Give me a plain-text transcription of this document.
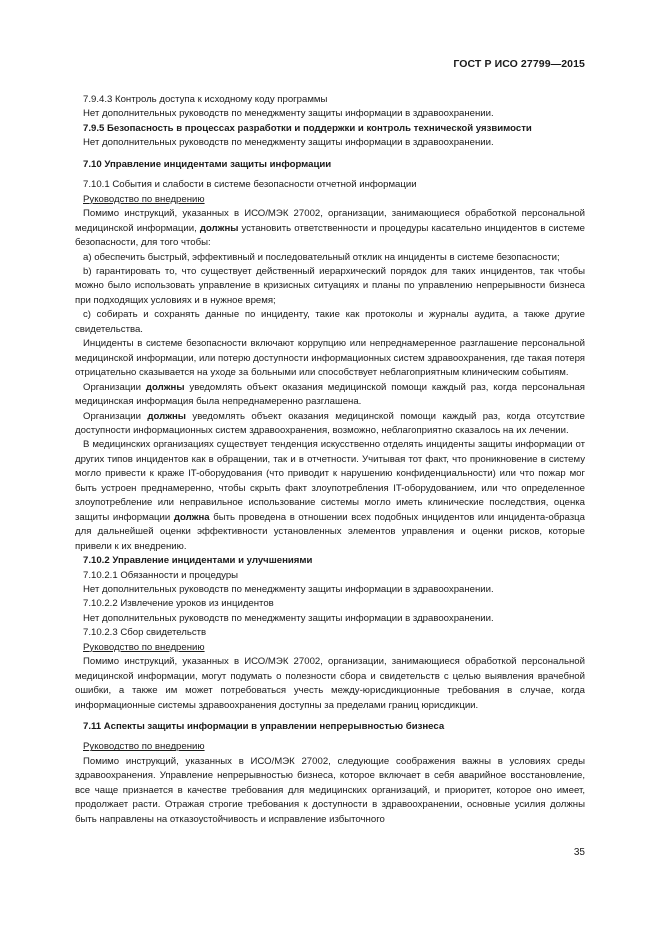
ГОСТ Р ИСО 27799—2015

7.9.4.3 Контроль доступа к исходному коду программы

Нет дополнительных руководств по менеджменту защиты информации в здравоохранении.

7.9.5 Безопасность в процессах разработки и поддержки и контроль технической уязвимости

Нет дополнительных руководств по менеджменту защиты информации в здравоохранении.

7.10 Управление инцидентами защиты информации

7.10.1 События и слабости в системе безопасности отчетной информации

Руководство по внедрению

Помимо инструкций, указанных в ИСО/МЭК 27002, организации, занимающиеся обработкой персональной медицинской информации, должны установить ответственности и процедуры касательно инцидентов в системе безопасности, для того чтобы:

a) обеспечить быстрый, эффективный и последовательный отклик на инциденты в системе безопасности;

b) гарантировать то, что существует действенный иерархический порядок для таких инцидентов, так чтобы можно было использовать управление в кризисных ситуациях и планы по управлению непрерывности бизнеса при подходящих условиях и в нужное время;

c) собирать и сохранять данные по инциденту, такие как протоколы и журналы аудита, а также другие свидетельства.

Инциденты в системе безопасности включают коррупцию или непреднамеренное разглашение персональной медицинской информации, или потерю доступности информационных систем здравоохранения, где такая потеря отрицательно сказывается на уходе за больными или способствует неблагоприятным клиническим событиям.

Организации должны уведомлять объект оказания медицинской помощи каждый раз, когда персональная медицинская информация была непреднамеренно разглашена.

Организации должны уведомлять объект оказания медицинской помощи каждый раз, когда отсутствие доступности информационных систем здравоохранения, возможно, неблагоприятно сказалось на их лечении.

В медицинских организациях существует тенденция искусственно отделять инциденты защиты информации от других типов инцидентов как в обращении, так и в отчетности. Учитывая тот факт, что проникновение в систему могло привести к краже IT-оборудования (что приводит к нарушению конфиденциальности) или что пожар мог быть устроен преднамеренно, чтобы скрыть факт злоупотребления IT-оборудованием, или что определенное злоупотребление или неправильное использование системы могло иметь клинические последствия, оценка защиты информации должна быть проведена в отношении всех подобных инцидентов или инцидента-образца для дальнейшей оценки эффективности установленных элементов управления и оценки рисков, которые привели к их внедрению.

7.10.2 Управление инцидентами и улучшениями

7.10.2.1 Обязанности и процедуры

Нет дополнительных руководств по менеджменту защиты информации в здравоохранении.

7.10.2.2 Извлечение уроков из инцидентов

Нет дополнительных руководств по менеджменту защиты информации в здравоохранении.

7.10.2.3 Сбор свидетельств

Руководство по внедрению

Помимо инструкций, указанных в ИСО/МЭК 27002, организации, занимающиеся обработкой персональной медицинской информации, могут подумать о полезности сбора и свидетельств с целью выявления врачебной ошибки, а также им может потребоваться учесть между-юрисдикционные требования в случае, когда информационные системы здравоохранения доступны за пределами границ юрисдикции.

7.11 Аспекты защиты информации в управлении непрерывностью бизнеса

Руководство по внедрению

Помимо инструкций, указанных в ИСО/МЭК 27002, следующие соображения важны в условиях среды здравоохранения. Управление непрерывностью бизнеса, которое включает в себя аварийное восстановление, все чаще признается в качестве требования для медицинских организаций, и приоритет, которое оно имеет, продолжает расти. Отражая строгие требования к доступности в здравоохранении, основные усилия должны быть направлены на отказоустойчивость и исправление избыточного

35
